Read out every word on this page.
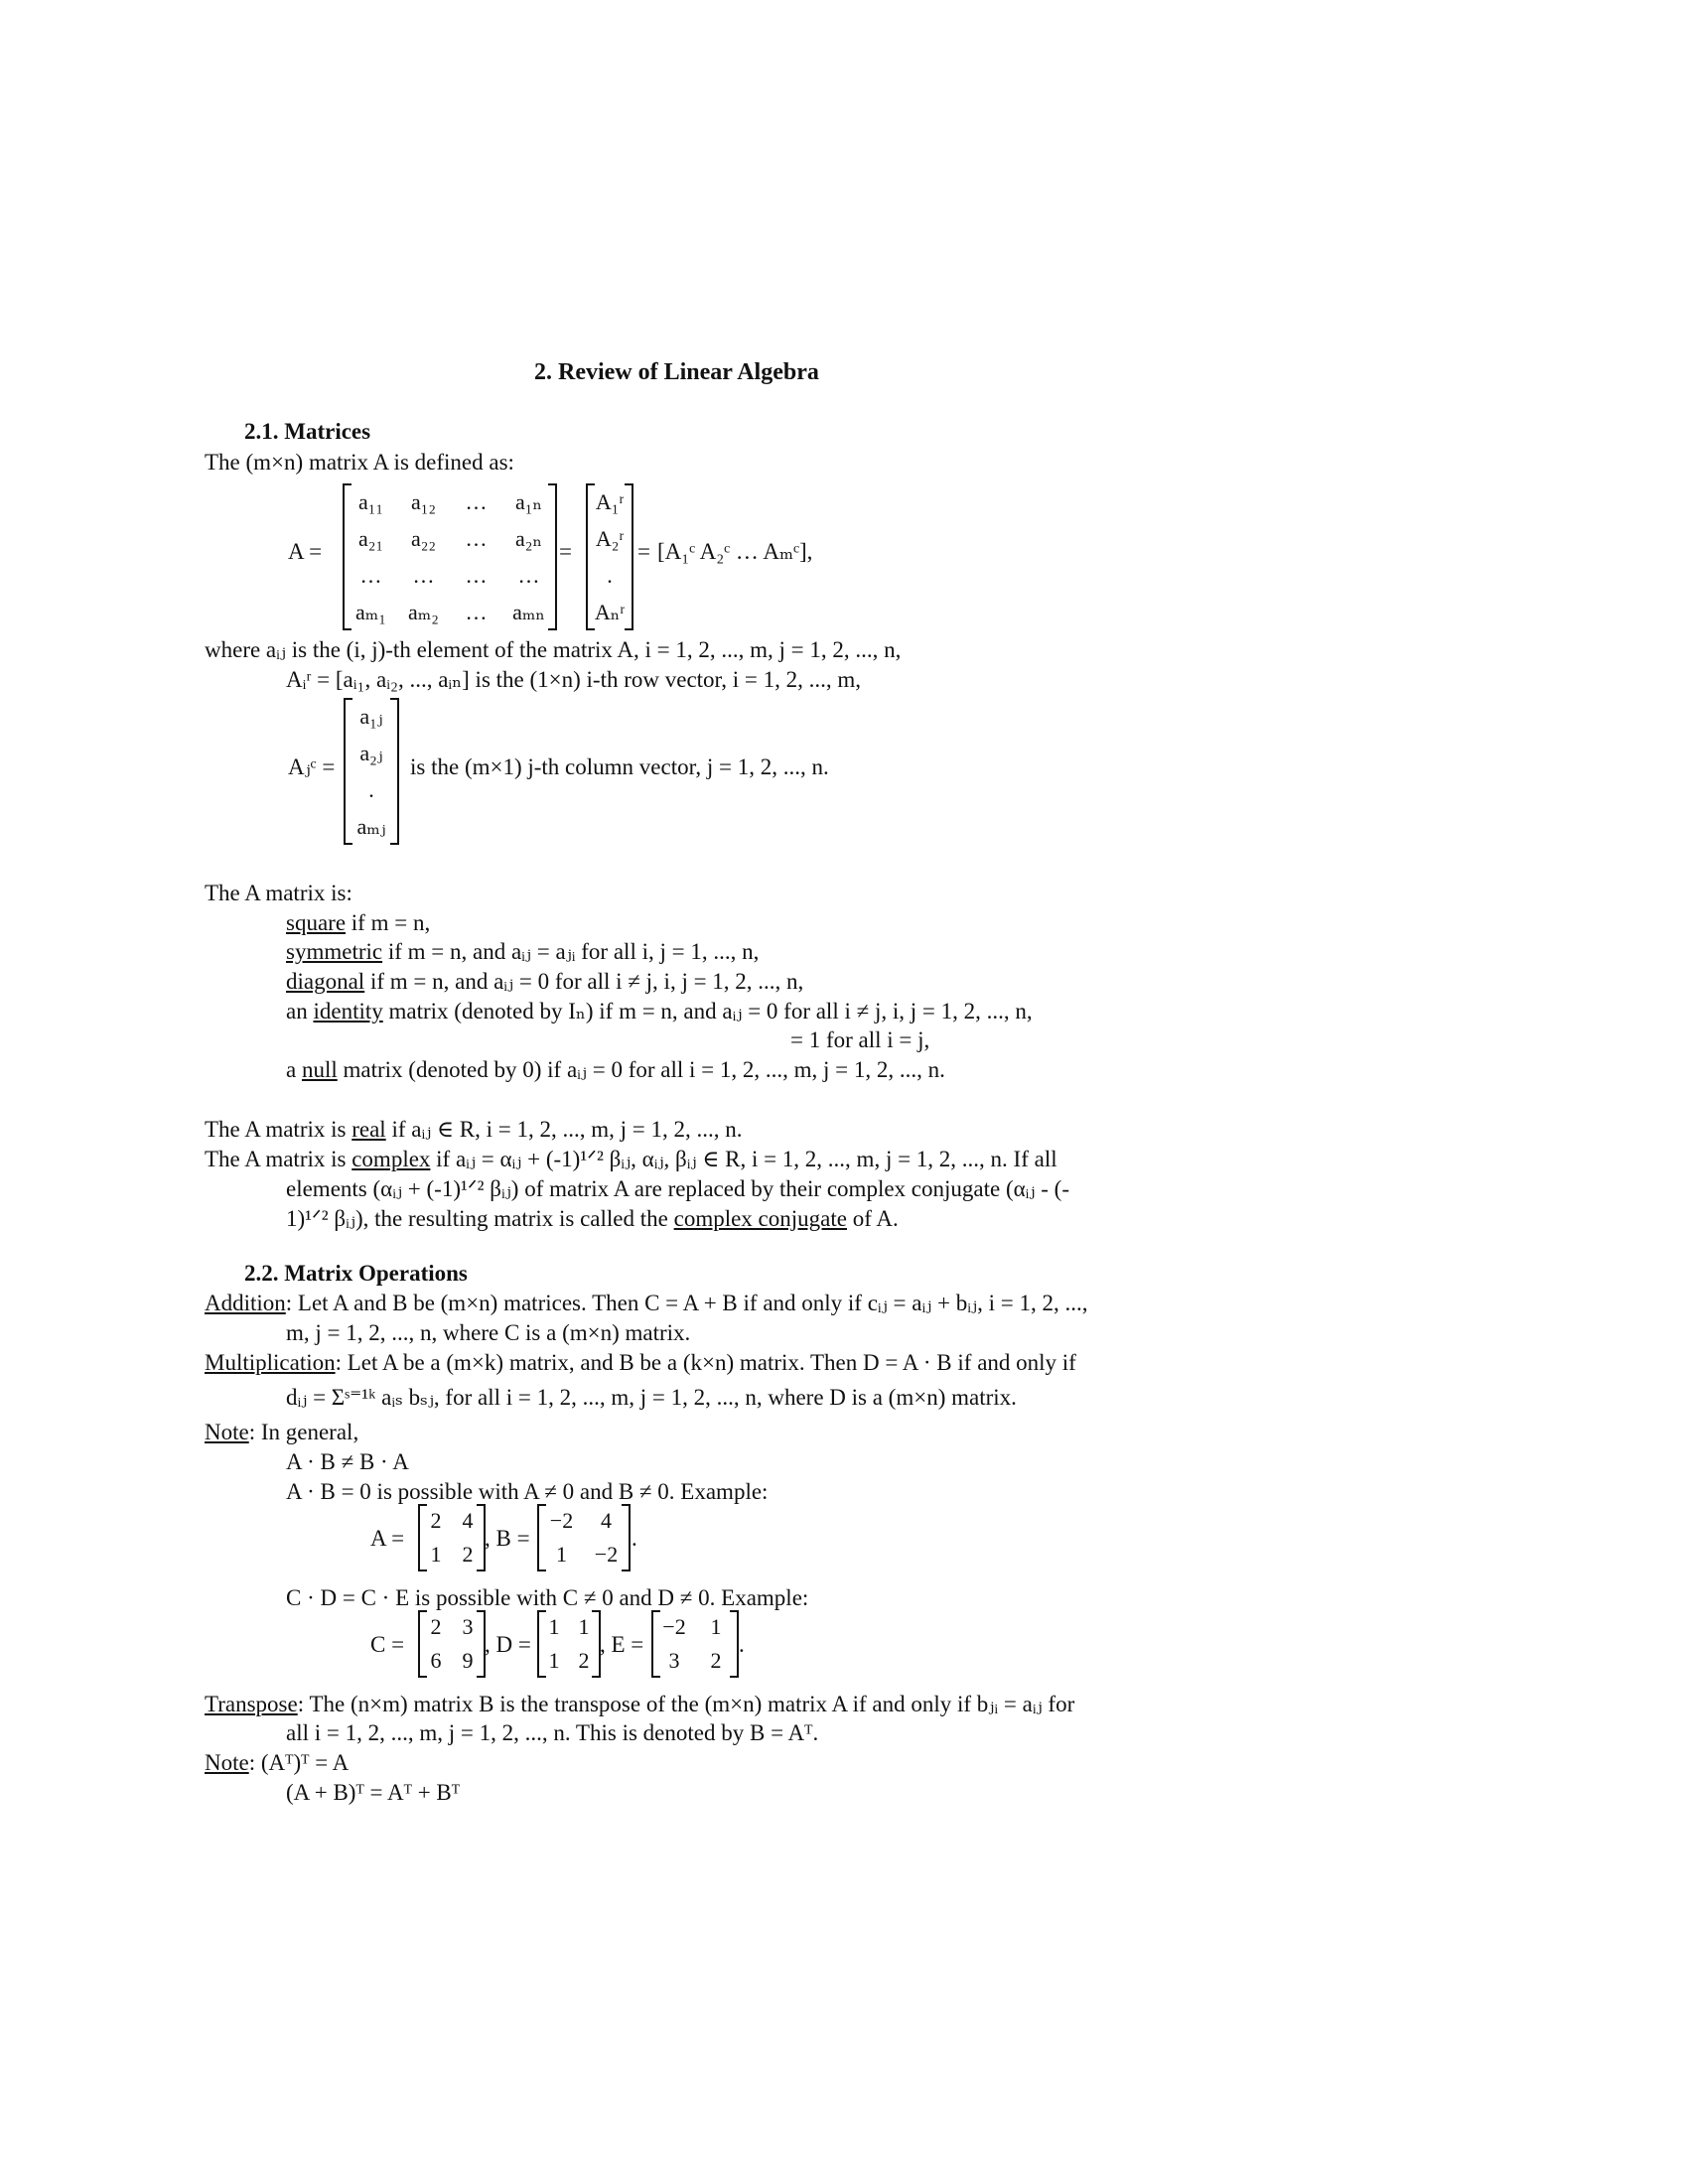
2. Review of Linear Algebra
2.1. Matrices
The (m×n) matrix A is defined as:
A =
a₁₁	a₁₂	…	a₁ₙ
a₂₁	a₂₂	…	a₂ₙ
…	…	…	…
aₘ₁	aₘ₂	…	aₘₙ
=
A₁ʳ
A₂ʳ
.
Aₙʳ
= [A₁ᶜ A₂ᶜ … Aₘᶜ],
where aᵢⱼ is the (i, j)-th element of the matrix A, i = 1, 2, ..., m, j = 1, 2, ..., n,
Aᵢʳ = [aᵢ₁, aᵢ₂, ..., aᵢₙ] is the (1×n) i-th row vector, i = 1, 2, ..., m,
Aⱼᶜ =
a₁ⱼ
a₂ⱼ
.
aₘⱼ
is the (m×1) j-th column vector, j = 1, 2, ..., n.
The A matrix is:
square if m = n,
symmetric if m = n, and aᵢⱼ = aⱼᵢ for all i, j = 1, ..., n,
diagonal if m = n, and aᵢⱼ = 0 for all i ≠ j, i, j = 1, 2, ..., n,
an identity matrix (denoted by Iₙ) if m = n, and aᵢⱼ = 0 for all i ≠ j, i, j = 1, 2, ..., n,
= 1 for all i = j,
a null matrix (denoted by 0) if aᵢⱼ = 0 for all i = 1, 2, ..., m, j = 1, 2, ..., n.
The A matrix is real if aᵢⱼ ∈ R, i = 1, 2, ..., m, j = 1, 2, ..., n.
The A matrix is complex if aᵢⱼ = αᵢⱼ + (-1)¹ᐟ² βᵢⱼ, αᵢⱼ, βᵢⱼ ∈ R, i = 1, 2, ..., m, j = 1, 2, ..., n. If all
elements (αᵢⱼ + (-1)¹ᐟ² βᵢⱼ) of matrix A are replaced by their complex conjugate (αᵢⱼ - (-
1)¹ᐟ² βᵢⱼ), the resulting matrix is called the complex conjugate of A.
2.2. Matrix Operations
Addition: Let A and B be (m×n) matrices. Then C = A + B if and only if cᵢⱼ = aᵢⱼ + bᵢⱼ, i = 1, 2, ...,
m, j = 1, 2, ..., n, where C is a (m×n) matrix.
Multiplication: Let A be a (m×k) matrix, and B be a (k×n) matrix. Then D = A · B if and only if
dᵢⱼ = Σˢ⁼¹ᵏ aᵢₛ bₛⱼ, for all i = 1, 2, ..., m, j = 1, 2, ..., n, where D is a (m×n) matrix.
Note: In general,
A · B ≠ B · A
A · B = 0 is possible with A ≠ 0 and B ≠ 0. Example:
A =
2 4
1 2
, B =
−2	4
1	−2
.
C · D = C · E is possible with C ≠ 0 and D ≠ 0. Example:
C =
2 3
6 9
, D =
1 1
1 2
, E =
−2	1
3	2
.
Transpose: The (n×m) matrix B is the transpose of the (m×n) matrix A if and only if bⱼᵢ = aᵢⱼ for
all i = 1, 2, ..., m, j = 1, 2, ..., n. This is denoted by B = Aᵀ.
Note: (Aᵀ)ᵀ = A
(A + B)ᵀ = Aᵀ + Bᵀ
